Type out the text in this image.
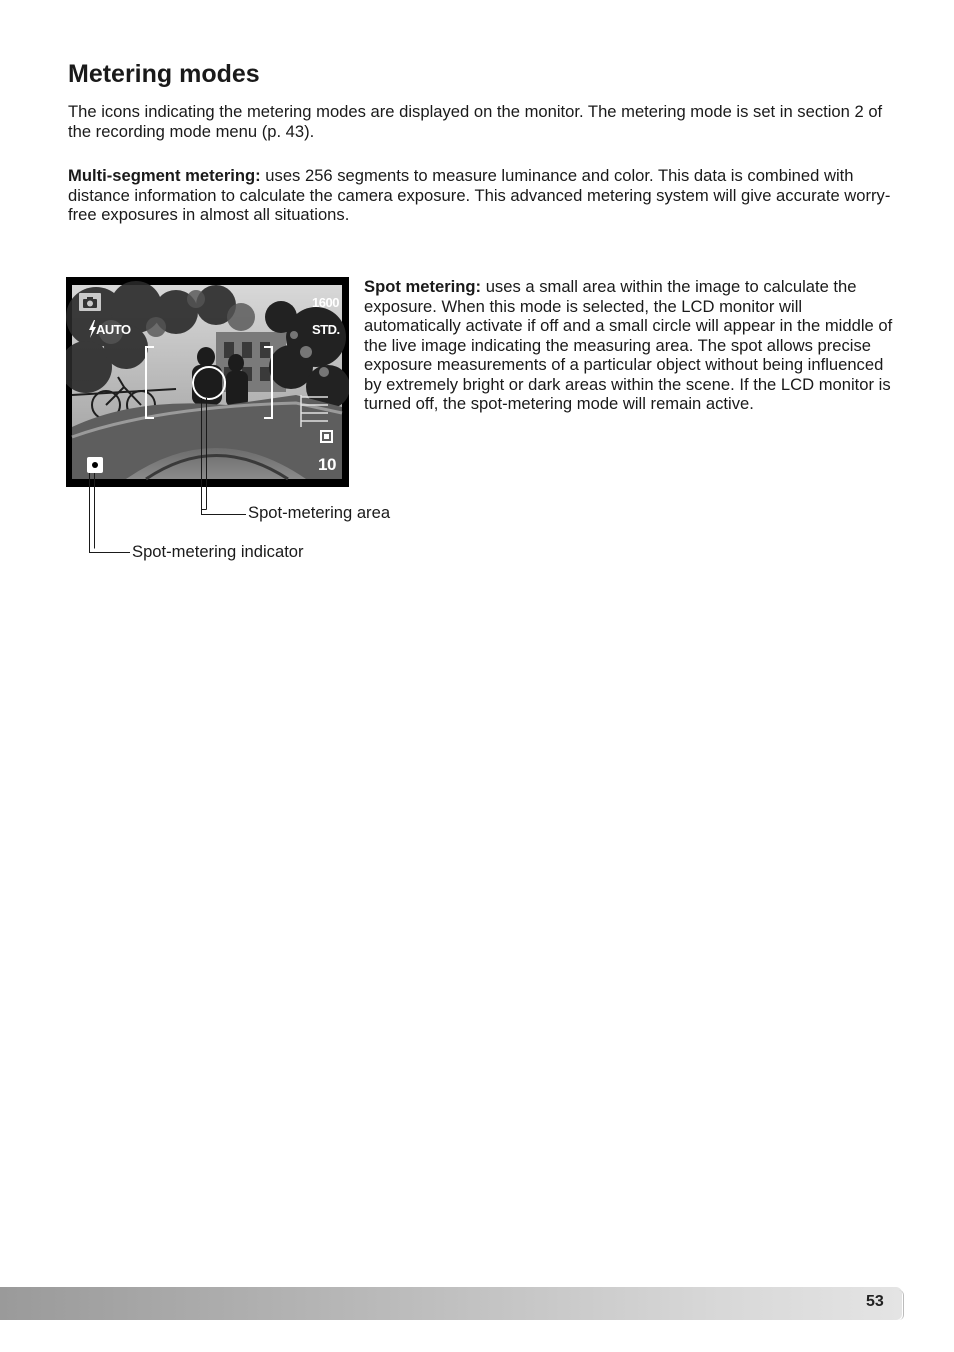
Metering modes

The icons indicating the metering modes are displayed on the monitor. The metering mode is set in section 2 of the recording mode menu (p. 43).

Multi-segment metering: uses 256 segments to measure luminance and color. This data is combined with distance information to calculate the camera exposure. This advanced metering system will give accurate worry-free exposures in almost all situations.

AUTO
1600
STD.
10

Spot metering: uses a small area within the image to calculate the exposure. When this mode is selected, the LCD monitor will automatically activate if off and a small circle will appear in the middle of the live image indicating the measuring area. The spot allows precise exposure measurements of a particular object without being influenced by extremely bright or dark areas within the scene. If the LCD monitor is turned off, the spot-metering mode will remain active.

Spot-metering area

Spot-metering indicator

53
